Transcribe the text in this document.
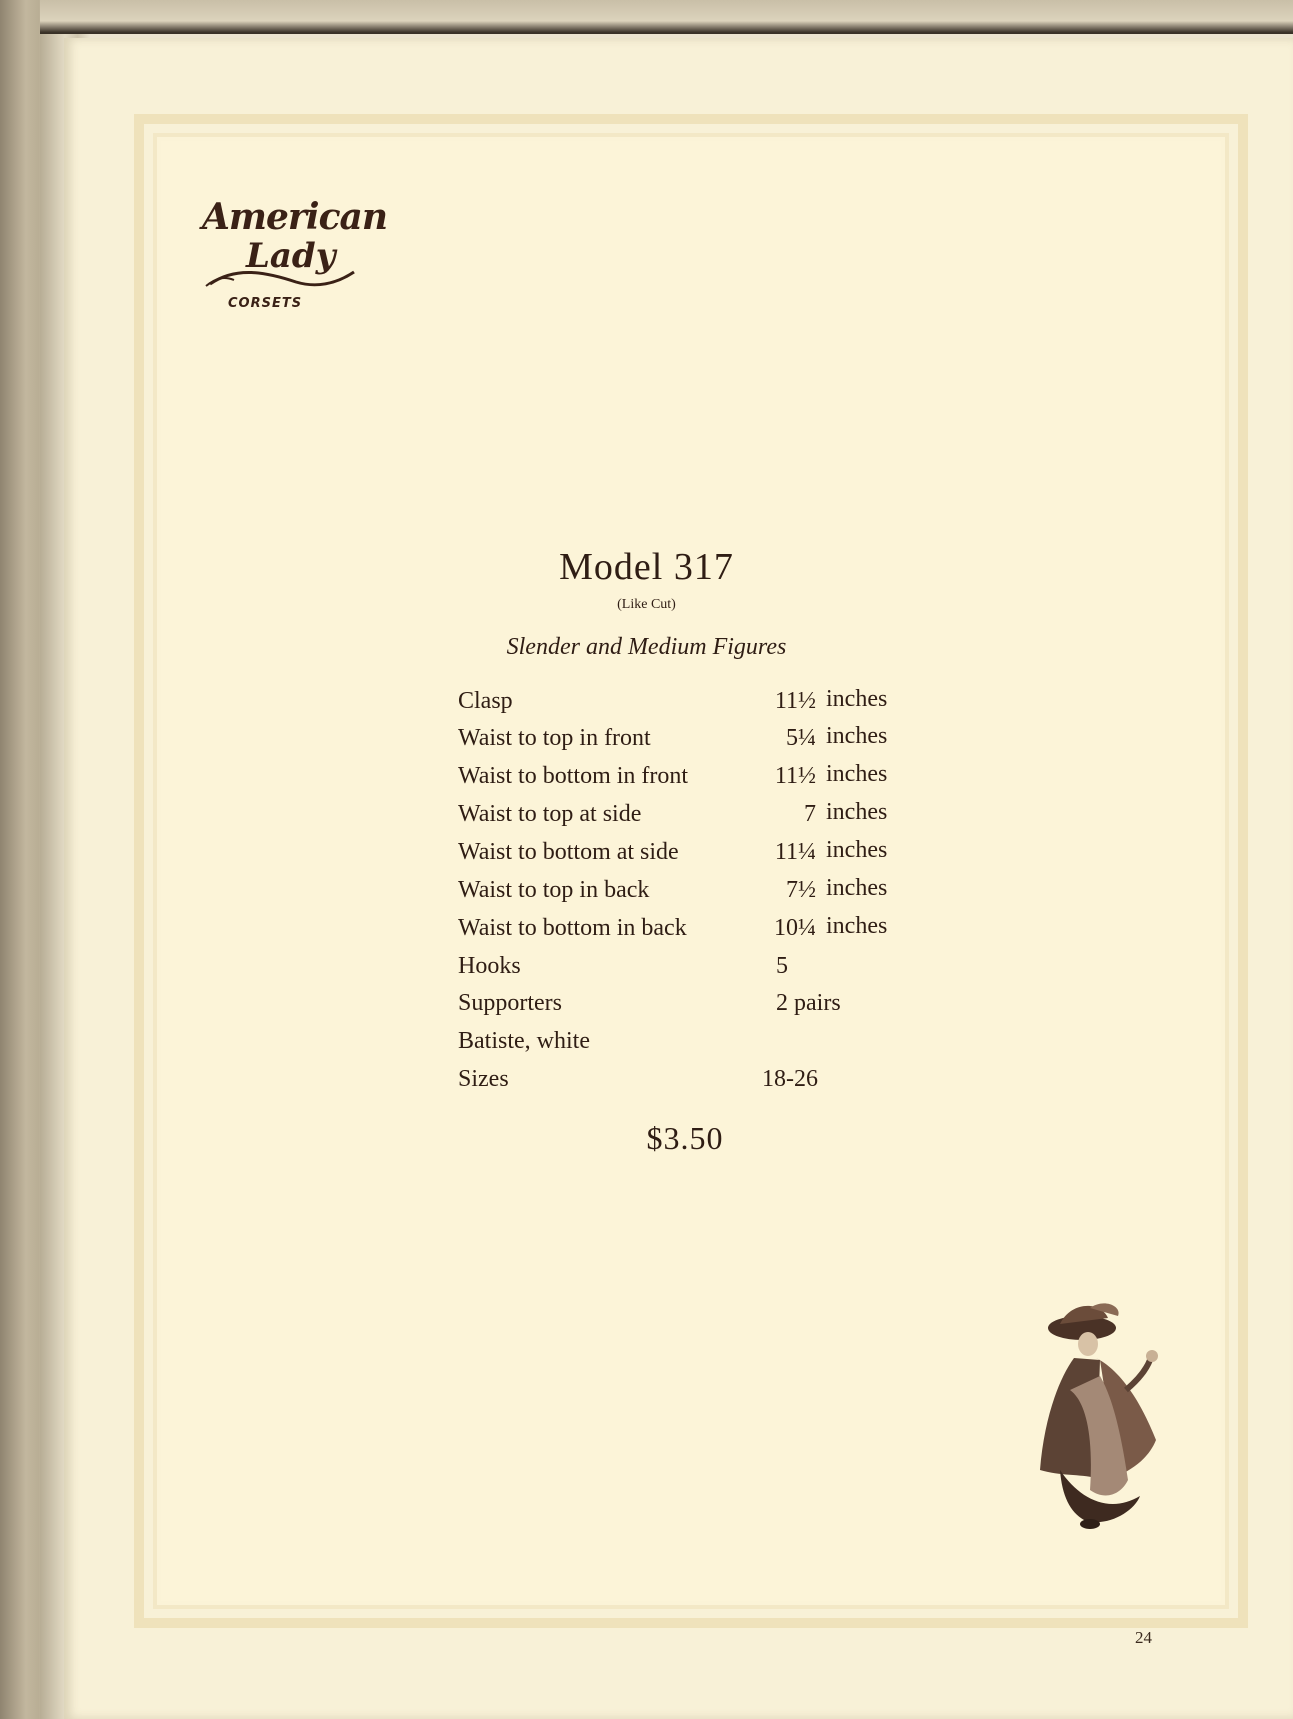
American
Lady
CORSETS
Model 317
(Like Cut)
Slender and Medium Figures
Clasp	11½ inches
Waist to top in front	5¼ inches
Waist to bottom in front	11½ inches
Waist to top at side	7 inches
Waist to bottom at side	11¼ inches
Waist to top in back	7½ inches
Waist to bottom in back	10¼ inches
Hooks	5
Supporters	2 pairs
Batiste, white
Sizes	18-26
$3.50
24
